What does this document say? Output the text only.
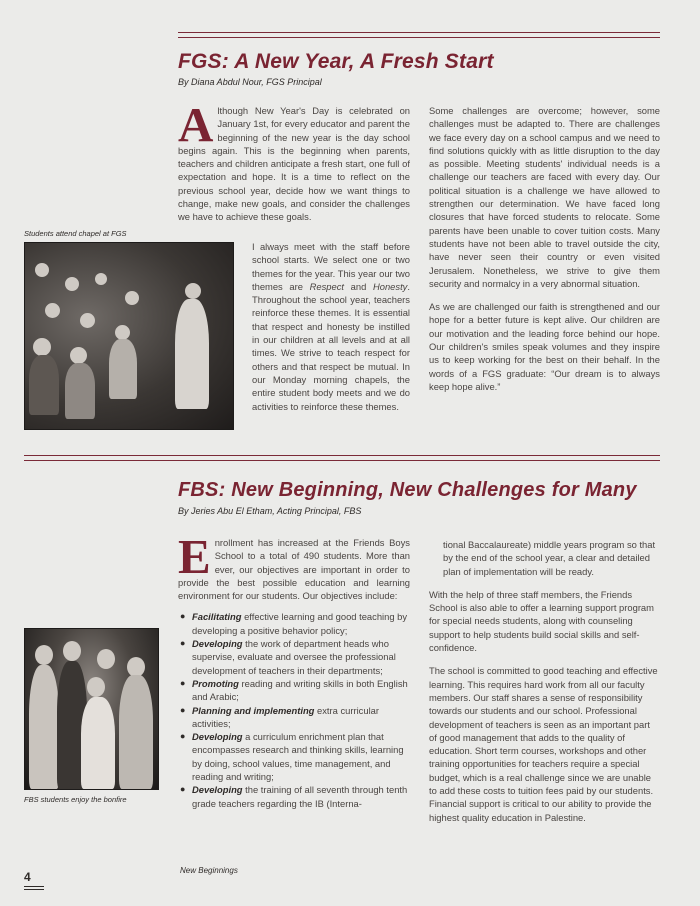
FGS: A New Year, A Fresh Start
By Diana Abdul Nour, FGS Principal

Although New Year's Day is celebrated on January 1st, for every educator and parent the beginning of the new year is the day school begins again. This is the beginning when parents, teachers and children anticipate a fresh start, one full of expectation and hope. It is a time to reflect on the previous school year, decide how we want things to change, make new goals, and consider the challenges we have to achieve these goals.

Students attend chapel at FGS

I always meet with the staff before school starts. We select one or two themes for the year. This year our two themes are Respect and Honesty. Throughout the school year, teachers reinforce these themes. It is essential that respect and honesty be instilled in our children at all levels and at all times. We strive to teach respect for others and that respect be mutual. In our Monday morning chapels, the entire student body meets and we do activities to reinforce these themes.

Some challenges are overcome; however, some challenges must be adapted to. There are challenges we face every day on a school campus and we need to find solutions quickly with as little disruption to the day as possible. Meeting students' individual needs is a challenge our teachers are faced with every day. Our political situation is a challenge we have allowed to strengthen our determination. We have faced long closures that have forced students to relocate. Some parents have been unable to cover tuition costs. Many students have not been able to travel outside the city, have never seen their country or even visited Jerusalem. Nonetheless, we strive to give them security and normalcy in a very abnormal situation.

As we are challenged our faith is strengthened and our hope for a better future is kept alive. Our children are our motivation and the leading force behind our hope. Our children's smiles speak volumes and they inspire us to keep working for the best on their behalf. In the words of a FGS graduate: “Our dream is to always keep hope alive.”

FBS: New Beginning, New Challenges for Many
By Jeries Abu El Etham, Acting Principal, FBS

Enrollment has increased at the Friends Boys School to a total of 490 students. More than ever, our objectives are important in order to provide the best possible education and learning environment for our students. Our objectives include:

● Facilitating effective learning and good teaching by developing a positive behavior policy;
● Developing the work of department heads who supervise, evaluate and oversee the professional development of teachers in their departments;
● Promoting reading and writing skills in both English and Arabic;
● Planning and implementing extra curricular activities;
● Developing a curriculum enrichment plan that encompasses research and thinking skills, learning by doing, school values, time management, and reading and writing;
● Developing the training of all seventh through tenth grade teachers regarding the IB (Interna-
FBS students enjoy the bonfire

tional Baccalaureate) middle years program so that by the end of the school year, a clear and detailed plan of implementation will be ready.

With the help of three staff members, the Friends School is also able to offer a learning support program for special needs students, along with counseling support to help students build social skills and self-confidence.

The school is committed to good teaching and effective learning. This requires hard work from all our faculty members. Our staff shares a sense of responsibility towards our students and our school. Professional development of teachers is seen as an important part of good management that adds to the quality of education. Short term courses, workshops and other training opportunities for teachers require a special budget, which is a real challenge since we are unable to add these costs to tuition fees paid by our students. Financial support is critical to our ability to provide the highest quality education in Palestine.

4	New Beginnings
